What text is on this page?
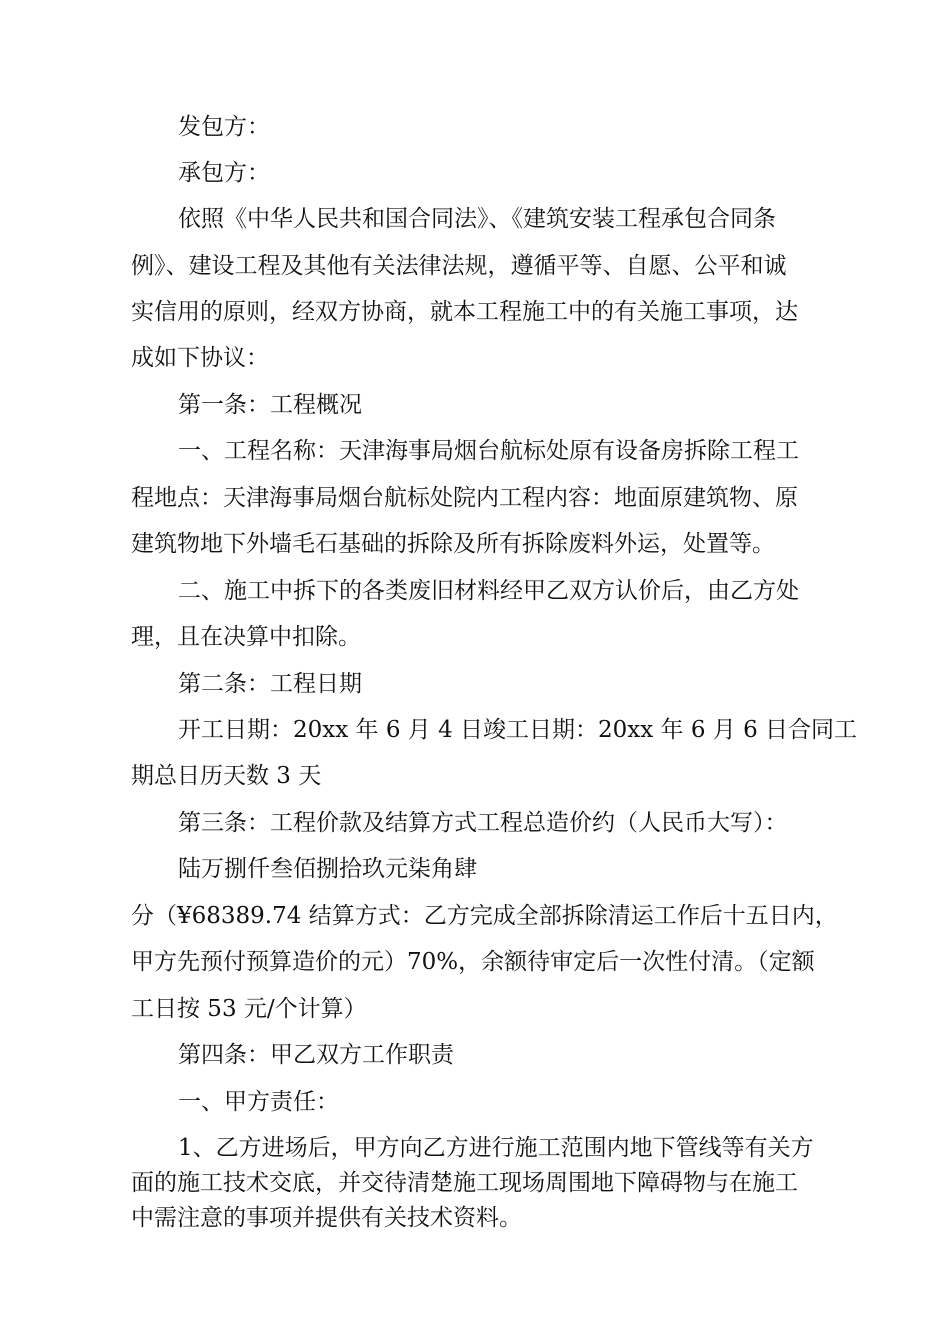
发包方：
承包方：
依照《中华人民共和国合同法》、《建筑安装工程承包合同条
例》、建设工程及其他有关法律法规，遵循平等、自愿、公平和诚
实信用的原则，经双方协商，就本工程施工中的有关施工事项，达
成如下协议：
第一条：工程概况
一、工程名称：天津海事局烟台航标处原有设备房拆除工程工
程地点：天津海事局烟台航标处院内工程内容：地面原建筑物、原
建筑物地下外墙毛石基础的拆除及所有拆除废料外运，处置等。
二、施工中拆下的各类废旧材料经甲乙双方认价后，由乙方处
理，且在决算中扣除。
第二条：工程日期
开工日期：20xx 年 6 月 4 日竣工日期：20xx 年 6 月 6 日合同工
期总日历天数 3 天
第三条：工程价款及结算方式工程总造价约（人民币大写）：
陆万捌仟叁佰捌拾玖元柒角肆
分（¥68389.74 结算方式：乙方完成全部拆除清运工作后十五日内，
甲方先预付预算造价的元）70%，余额待审定后一次性付清。（定额
工日按 53 元/个计算）
第四条：甲乙双方工作职责
一、甲方责任：
1、乙方进场后，甲方向乙方进行施工范围内地下管线等有关方
面的施工技术交底，并交待清楚施工现场周围地下障碍物与在施工
中需注意的事项并提供有关技术资料。
